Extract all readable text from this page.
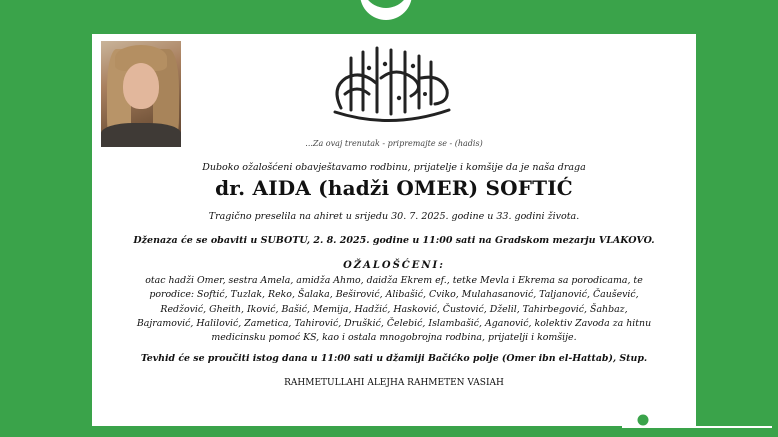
...Za ovaj trenutak - pripremajte se - (hadis)
Duboko ožalošćeni obavještavamo rodbinu, prijatelje i komšije da je naša draga
dr. AIDA (hadži OMER) SOFTIĆ
Tragično preselila na ahiret u srijedu 30. 7. 2025. godine u 33. godini života.
Dženaza će se obaviti u SUBOTU, 2. 8. 2025. godine u 11:00 sati na Gradskom mezarju VLAKOVO.
OŽALOŠĆENI:
otac hadži Omer, sestra Amela, amidža Ahmo, daidža Ekrem ef., tetke Mevla i Ekrema sa porodicama, te
porodice: Softić, Tuzlak, Reko, Šalaka, Beširović, Alibašić, Cviko, Mulahasanović, Taljanović, Čaušević,
Redžović, Gheith, Iković, Bašić, Memija, Hadžić, Hasković, Čustović, Dželil, Tahirbegović, Šahbaz,
Bajramović, Halilović, Zametica, Tahirović, Druškić, Čelebić, Islambašić, Aganović, kolektiv Zavoda za hitnu
medicinsku pomoć KS, kao i ostala mnogobrojna rodbina, prijatelji i komšije.
Tevhid će se proučiti istog dana u 11:00 sati u džamiji Bačićko polje (Omer ibn el-Hattab), Stup.
RAHMETULLAHI ALEJHA RAHMETEN VASIAH
